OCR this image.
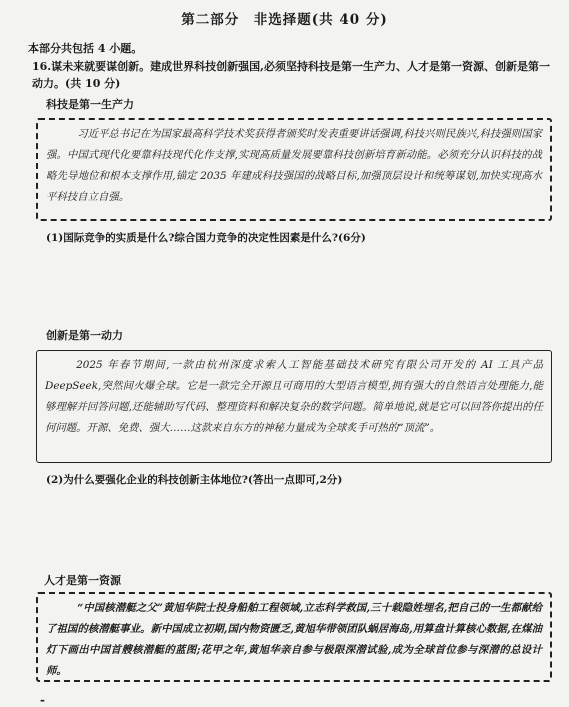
第二部分　非选择题(共 40 分)
本部分共包括 4 小题。
16.谋未来就要谋创新。建成世界科技创新强国,必须坚持科技是第一生产力、人才是第一资源、创新是第一动力。(共 10 分)
科技是第一生产力

习近平总书记在为国家最高科学技术奖获得者颁奖时发表重要讲话强调,科技兴则民族兴,科技强则国家强。中国式现代化要靠科技现代化作支撑,实现高质量发展要靠科技创新培育新动能。必须充分认识科技的战略先导地位和根本支撑作用,锚定 2035 年建成科技强国的战略目标,加强顶层设计和统筹谋划,加快实现高水平科技自立自强。

(1)国际竞争的实质是什么?综合国力竞争的决定性因素是什么?(6分)
创新是第一动力

2025 年春节期间,一款由杭州深度求索人工智能基础技术研究有限公司开发的 AI 工具产品 DeepSeek,突然间火爆全球。它是一款完全开源且可商用的大型语言模型,拥有强大的自然语言处理能力,能够理解并回答问题,还能辅助写代码、整理资料和解决复杂的数学问题。简单地说,就是它可以回答你提出的任何问题。开源、免费、强大……这款来自东方的神秘力量成为全球炙手可热的“顶流”。

(2)为什么要强化企业的科技创新主体地位?(答出一点即可,2分)
人才是第一资源

“中国核潜艇之父”黄旭华院士投身船舶工程领域,立志科学救国,三十载隐姓埋名,把自己的一生都献给了祖国的核潜艇事业。新中国成立初期,国内物资匮乏,黄旭华带领团队蜗居海岛,用算盘计算核心数据,在煤油灯下画出中国首艘核潜艇的蓝图;花甲之年,黄旭华亲自参与极限深潜试验,成为全球首位参与深潜的总设计师。

-
